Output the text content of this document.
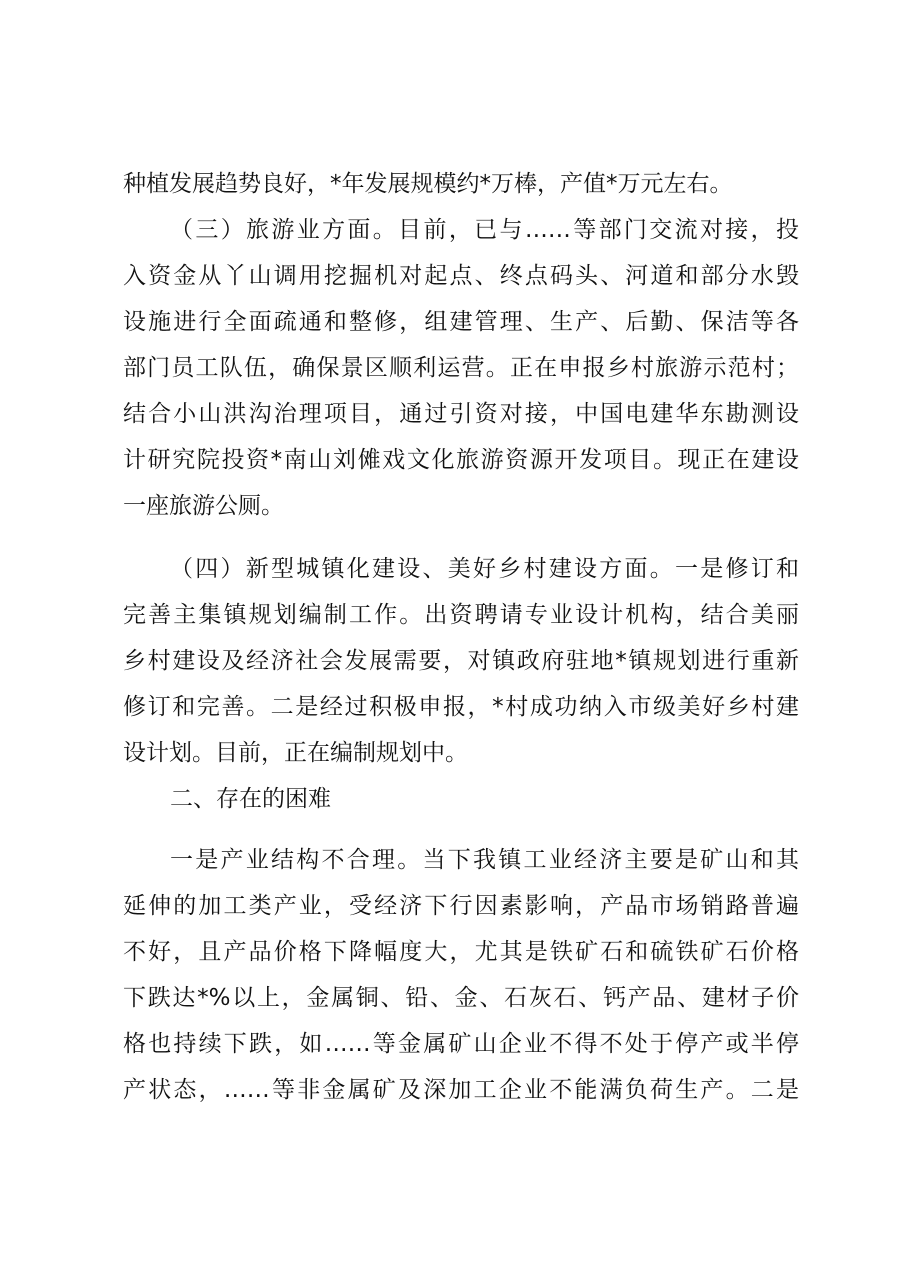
种植发展趋势良好，*年发展规模约*万棒，产值*万元左右。
（三）旅游业方面。目前，已与……等部门交流对接，投
入资金从丫山调用挖掘机对起点、终点码头、河道和部分水毁
设施进行全面疏通和整修，组建管理、生产、后勤、保洁等各
部门员工队伍，确保景区顺利运营。正在申报乡村旅游示范村；
结合小山洪沟治理项目，通过引资对接，中国电建华东勘测设
计研究院投资*南山刘傩戏文化旅游资源开发项目。现正在建设
一座旅游公厕。
（四）新型城镇化建设、美好乡村建设方面。一是修订和
完善主集镇规划编制工作。出资聘请专业设计机构，结合美丽
乡村建设及经济社会发展需要，对镇政府驻地*镇规划进行重新
修订和完善。二是经过积极申报，*村成功纳入市级美好乡村建
设计划。目前，正在编制规划中。
二、存在的困难
一是产业结构不合理。当下我镇工业经济主要是矿山和其
延伸的加工类产业，受经济下行因素影响，产品市场销路普遍
不好，且产品价格下降幅度大，尤其是铁矿石和硫铁矿石价格
下跌达*%以上，金属铜、铅、金、石灰石、钙产品、建材子价
格也持续下跌，如……等金属矿山企业不得不处于停产或半停
产状态，……等非金属矿及深加工企业不能满负荷生产。二是
